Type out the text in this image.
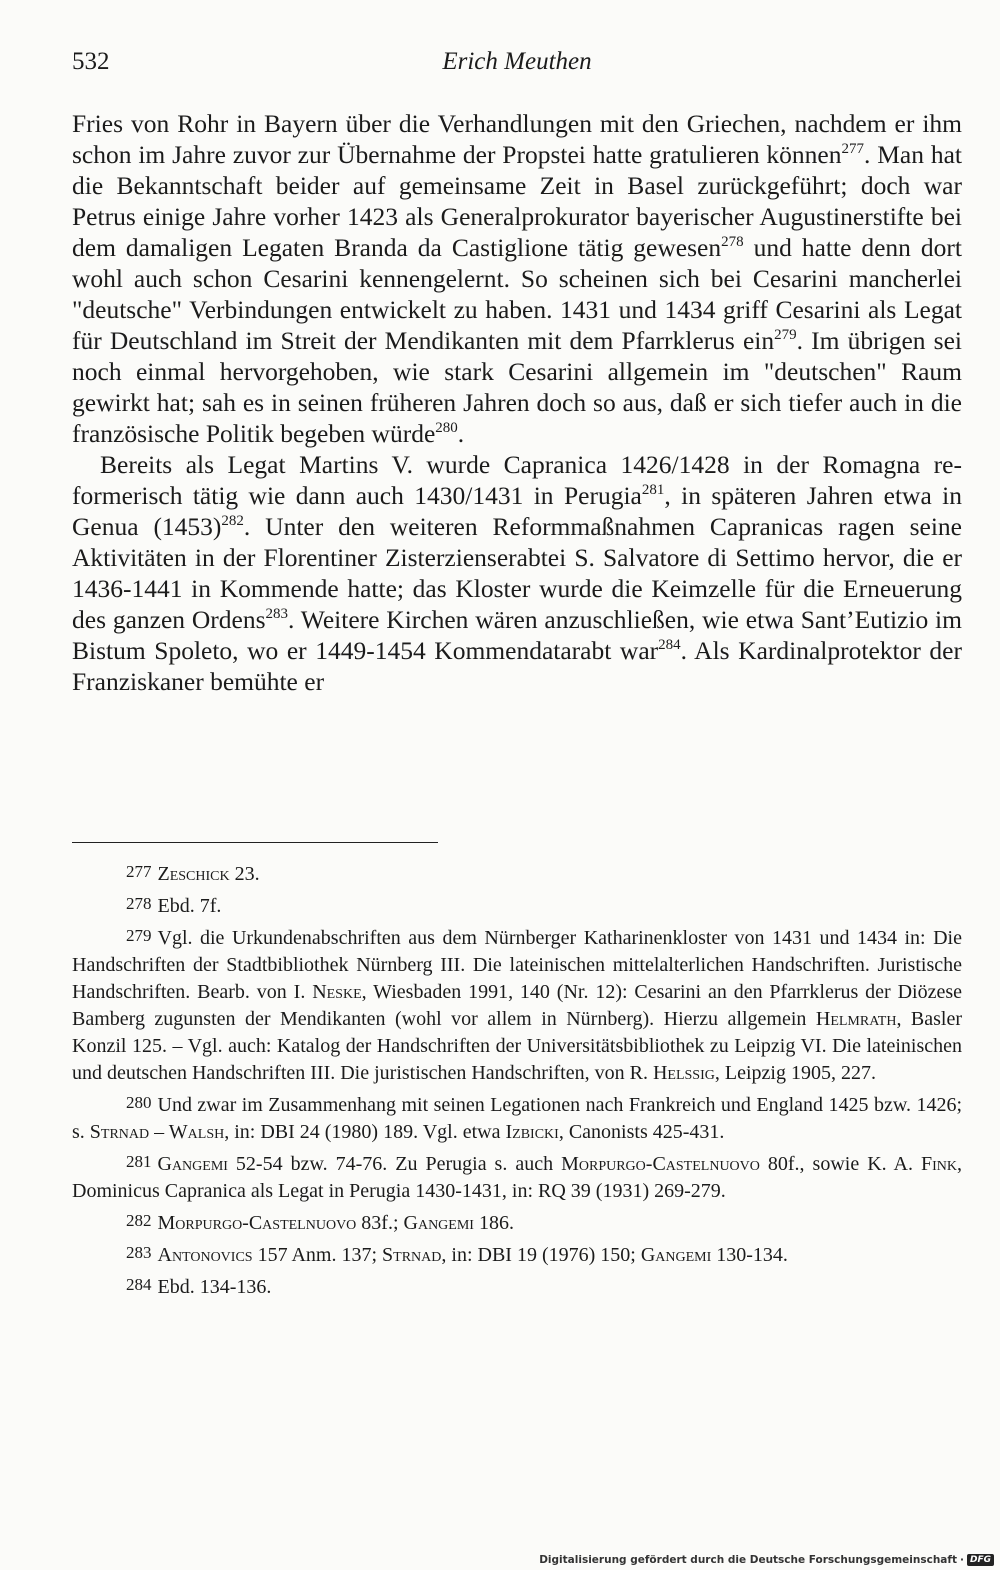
532	Erich Meuthen

Fries von Rohr in Bayern über die Verhandlungen mit den Griechen, nachdem er ihm schon im Jahre zuvor zur Übernahme der Propstei hatte gratulieren können$^{277}$. Man hat die Bekanntschaft beider auf gemeinsame Zeit in Basel zurückgeführt; doch war Petrus einige Jahre vorher 1423 als Generalprokurator bayerischer Augustinerstifte bei dem damaligen Legaten Branda da Castiglione tätig gewesen$^{278}$ und hatte denn dort wohl auch schon Cesarini kennengelernt. So scheinen sich bei Cesarini mancherlei "deutsche" Verbindungen entwickelt zu haben. 1431 und 1434 griff Cesarini als Legat für Deutschland im Streit der Mendikanten mit dem Pfarrklerus ein$^{279}$. Im übrigen sei noch einmal hervorgehoben, wie stark Cesarini allgemein im "deutschen" Raum gewirkt hat; sah es in seinen früheren Jahren doch so aus, daß er sich tiefer auch in die französische Politik begeben würde$^{280}$.

Bereits als Legat Martins V. wurde Capranica 1426/1428 in der Romagna reformerisch tätig wie dann auch 1430/1431 in Perugia$^{281}$, in späteren Jahren etwa in Genua (1453)$^{282}$. Unter den weiteren Reformmaßnahmen Capranicas ragen seine Aktivitäten in der Florentiner Zisterzienserabtei S. Salvatore di Settimo hervor, die er 1436-1441 in Kommende hatte; das Kloster wurde die Keimzelle für die Erneuerung des ganzen Ordens$^{283}$. Weitere Kirchen wären anzuschließen, wie etwa Sant’Eutizio im Bistum Spoleto, wo er 1449-1454 Kommendatarabt war$^{284}$. Als Kardinalprotektor der Franziskaner bemühte er

277 Zeschick 23.

278 Ebd. 7f.

279 Vgl. die Urkundenabschriften aus dem Nürnberger Katharinenkloster von 1431 und 1434 in: Die Handschriften der Stadtbibliothek Nürnberg III. Die lateinischen mittelalterlichen Handschriften. Juristische Handschriften. Bearb. von I. Neske, Wiesbaden 1991, 140 (Nr. 12): Cesarini an den Pfarrklerus der Diözese Bamberg zugunsten der Mendikanten (wohl vor allem in Nürnberg). Hierzu allgemein Helmrath, Basler Konzil 125. – Vgl. auch: Katalog der Handschriften der Universitätsbibliothek zu Leipzig VI. Die lateinischen und deutschen Handschriften III. Die juristischen Handschriften, von R. Helssig, Leipzig 1905, 227.

280 Und zwar im Zusammenhang mit seinen Legationen nach Frankreich und England 1425 bzw. 1426; s. Strnad – Walsh, in: DBI 24 (1980) 189. Vgl. etwa Izbicki, Canonists 425-431.

281 Gangemi 52-54 bzw. 74-76. Zu Perugia s. auch Morpurgo-Castelnuovo 80f., sowie K. A. Fink, Dominicus Capranica als Legat in Perugia 1430-1431, in: RQ 39 (1931) 269-279.

282 Morpurgo-Castelnuovo 83f.; Gangemi 186.

283 Antonovics 157 Anm. 137; Strnad, in: DBI 19 (1976) 150; Gangemi 130-134.

284 Ebd. 134-136.

Digitalisierung gefördert durch die Deutsche Forschungsgemeinschaft · DFG
